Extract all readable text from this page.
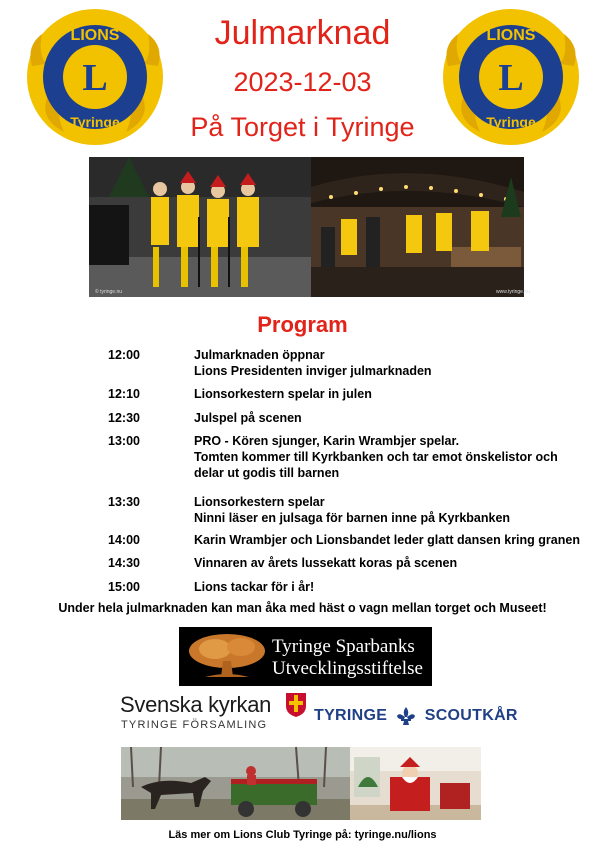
L
LIONS
Tyringe
L
LIONS
Tyringe
Julmarknad
2023-12-03
På Torget i Tyringe
© tyringe.nu	www.tyringe.nu
Program
12:00	Julmarknaden öppnar
Lions Presidenten inviger julmarknaden
12:10	Lionsorkestern spelar in julen
12:30	Julspel på scenen
13:00	PRO - Kören sjunger, Karin Wrambjer spelar.
Tomten kommer till Kyrkbanken och tar emot önskelistor och
delar ut godis till barnen
13:30	Lionsorkestern spelar
Ninni läser en julsaga för barnen inne på Kyrkbanken
14:00	Karin Wrambjer och Lionsbandet leder glatt dansen kring granen
14:30	Vinnaren av årets lussekatt koras på scenen
15:00	Lions tackar för i år!
Under hela julmarknaden kan man åka med häst o vagn mellan torget och Museet!
Tyringe Sparbanks
Utvecklingsstiftelse
Svenska kyrkan
TYRINGE FÖRSAMLING
TYRINGE SCOUTKÅR
Läs mer om Lions Club Tyringe på: tyringe.nu/lions
